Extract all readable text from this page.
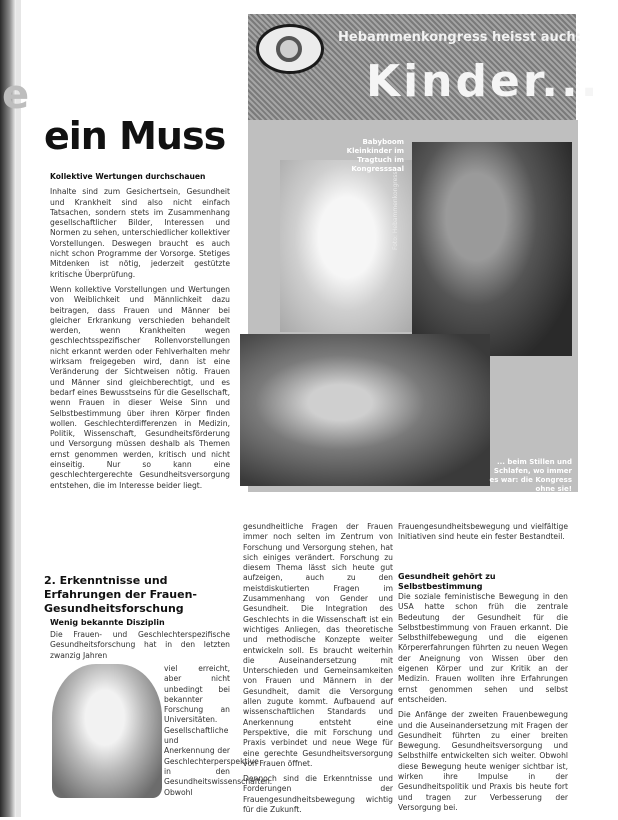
e
ein Muss
Hebammenkongress heisst auch:
Kinder...
Babyboom Kleinkinder im Tragtuch im Kongresssaal
... beim Stillen und Schlafen, wo immer es war: die Kongress ohne sie!
Foto: Hebammenkongress

Kollektive Wertungen durchschauen

Inhalte sind zum Gesichertsein, Gesundheit und Krankheit sind also nicht einfach Tatsachen, sondern stets im Zusammenhang gesellschaftlicher Bilder, Interessen und Normen zu sehen, unterschiedlicher kollektiver Vorstellungen. Deswegen braucht es auch nicht schon Programme der Vorsorge. Stetiges Mitdenken ist nötig, jederzeit gestützte kritische Überprüfung.

Wenn kollektive Vorstellungen und Wertungen von Weiblichkeit und Männlichkeit dazu beitragen, dass Frauen und Männer bei gleicher Erkrankung verschieden behandelt werden, wenn Krankheiten wegen geschlechtsspezifischer Rollenvorstellungen nicht erkannt werden oder Fehlverhalten mehr wirksam freigegeben wird, dann ist eine Veränderung der Sichtweisen nötig. Frauen und Männer sind gleichberechtigt, und es bedarf eines Bewusstseins für die Gesellschaft, wenn Frauen in dieser Weise Sinn und Selbstbestimmung über ihren Körper finden wollen. Geschlechterdifferenzen in Medizin, Politik, Wissenschaft, Gesundheitsförderung und Versorgung müssen deshalb als Themen ernst genommen werden, kritisch und nicht einseitig. Nur so kann eine geschlechtergerechte Gesundheitsversorgung entstehen, die im Interesse beider liegt.

2. Erkenntnisse und Erfahrungen der Frauen-Gesundheitsforschung
Wenig bekannte Disziplin

Die Frauen- und Geschlechterspezifische Gesundheitsforschung hat in den letzten zwanzig Jahren

viel erreicht, aber nicht unbedingt bei bekannter Forschung an Universitäten. Gesellschaftliche und Anerkennung der Geschlechterperspektive in den Gesundheitswissenschaften. Obwohl

gesundheitliche Fragen der Frauen immer noch selten im Zentrum von Forschung und Versorgung stehen, hat sich einiges verändert. Forschung zu diesem Thema lässt sich heute gut aufzeigen, auch zu den meistdiskutierten Fragen im Zusammenhang von Gender und Gesundheit. Die Integration des Geschlechts in die Wissenschaft ist ein wichtiges Anliegen, das theoretische und methodische Konzepte weiter entwickeln soll. Es braucht weiterhin die Auseinandersetzung mit Unterschieden und Gemeinsamkeiten von Frauen und Männern in der Gesundheit, damit die Versorgung allen zugute kommt. Aufbauend auf wissenschaftlichen Standards und Anerkennung entsteht eine Perspektive, die mit Forschung und Praxis verbindet und neue Wege für eine gerechte Gesundheitsversorgung von Frauen öffnet.

Dennoch sind die Erkenntnisse und Forderungen der Frauengesundheitsbewegung wichtig für die Zukunft.

Frauengesundheitsbewegung und vielfältige Initiativen sind heute ein fester Bestandteil.

Gesundheit gehört zu Selbstbestimmung

Die soziale feministische Bewegung in den USA hatte schon früh die zentrale Bedeutung der Gesundheit für die Selbstbestimmung von Frauen erkannt. Die Selbsthilfebewegung und die eigenen Körpererfahrungen führten zu neuen Wegen der Aneignung von Wissen über den eigenen Körper und zur Kritik an der Medizin. Frauen wollten ihre Erfahrungen ernst genommen sehen und selbst entscheiden.

Die Anfänge der zweiten Frauenbewegung und die Auseinandersetzung mit Fragen der Gesundheit führten zu einer breiten Bewegung. Gesundheitsversorgung und Selbsthilfe entwickelten sich weiter. Obwohl diese Bewegung heute weniger sichtbar ist, wirken ihre Impulse in der Gesundheitspolitik und Praxis bis heute fort und tragen zur Verbesserung der Versorgung bei.
